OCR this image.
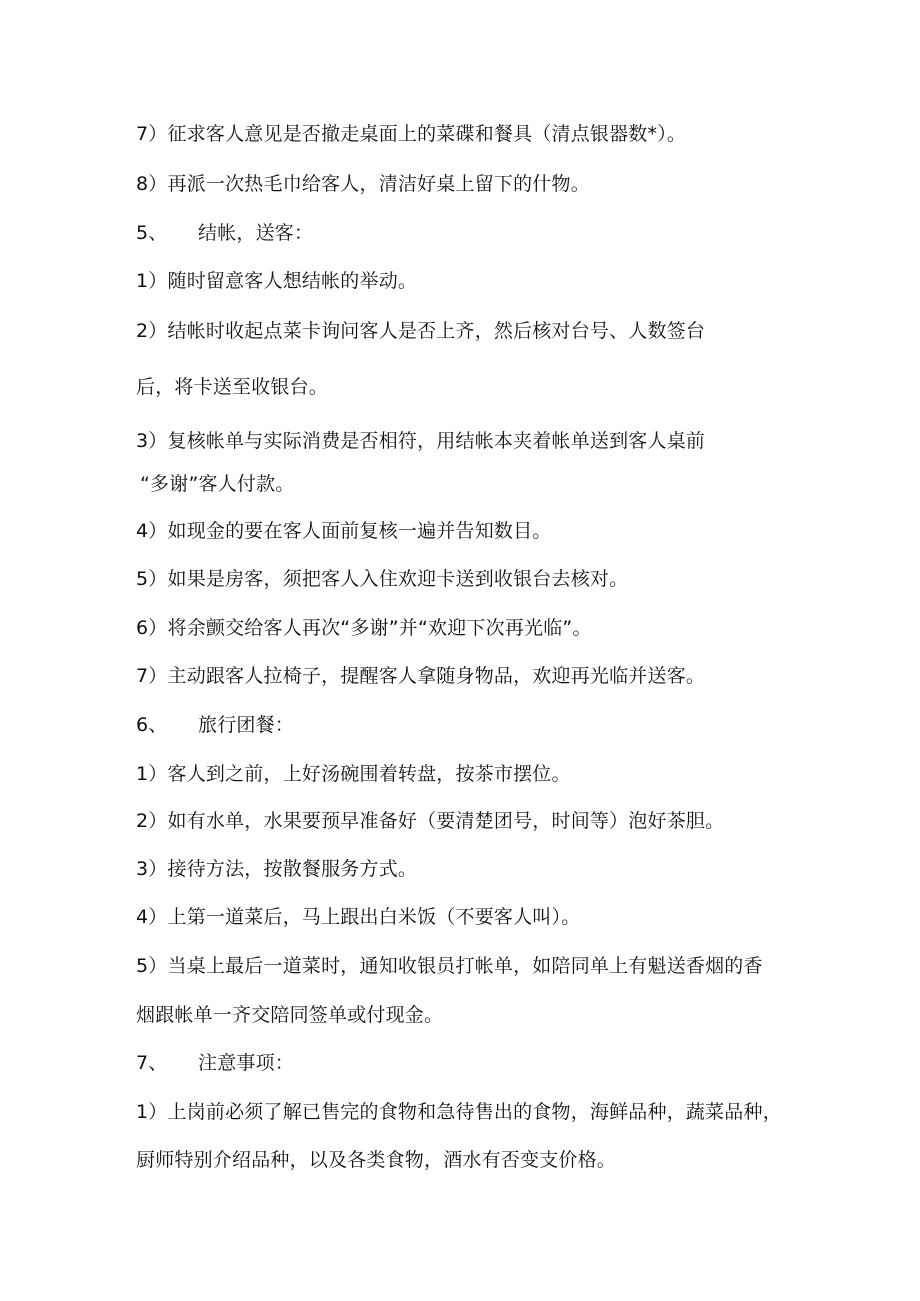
7）征求客人意见是否撤走桌面上的菜碟和餐具（清点银器数*）。
8）再派一次热毛巾给客人，清洁好桌上留下的什物。
5、 结帐，送客：
1）随时留意客人想结帐的举动。
2）结帐时收起点菜卡询问客人是否上齐，然后核对台号、人数签台
后，将卡送至收银台。
3）复核帐单与实际消费是否相符，用结帐本夹着帐单送到客人桌前
“多谢”客人付款。
4）如现金的要在客人面前复核一遍并告知数目。
5）如果是房客，须把客人入住欢迎卡送到收银台去核对。
6）将余颤交给客人再次“多谢”并“欢迎下次再光临”。
7）主动跟客人拉椅子，提醒客人拿随身物品，欢迎再光临并送客。
6、 旅行团餐：
1）客人到之前，上好汤碗围着转盘，按茶市摆位。
2）如有水单，水果要预早准备好（要清楚团号，时间等）泡好茶胆。
3）接待方法，按散餐服务方式。
4）上第一道菜后，马上跟出白米饭（不要客人叫）。
5）当桌上最后一道菜时，通知收银员打帐单，如陪同单上有魁送香烟的香
烟跟帐单一齐交陪同签单或付现金。
7、 注意事项：
1）上岗前必须了解已售完的食物和急待售出的食物，海鲜品种，蔬菜品种，
厨师特别介绍品种，以及各类食物，酒水有否变支价格。
